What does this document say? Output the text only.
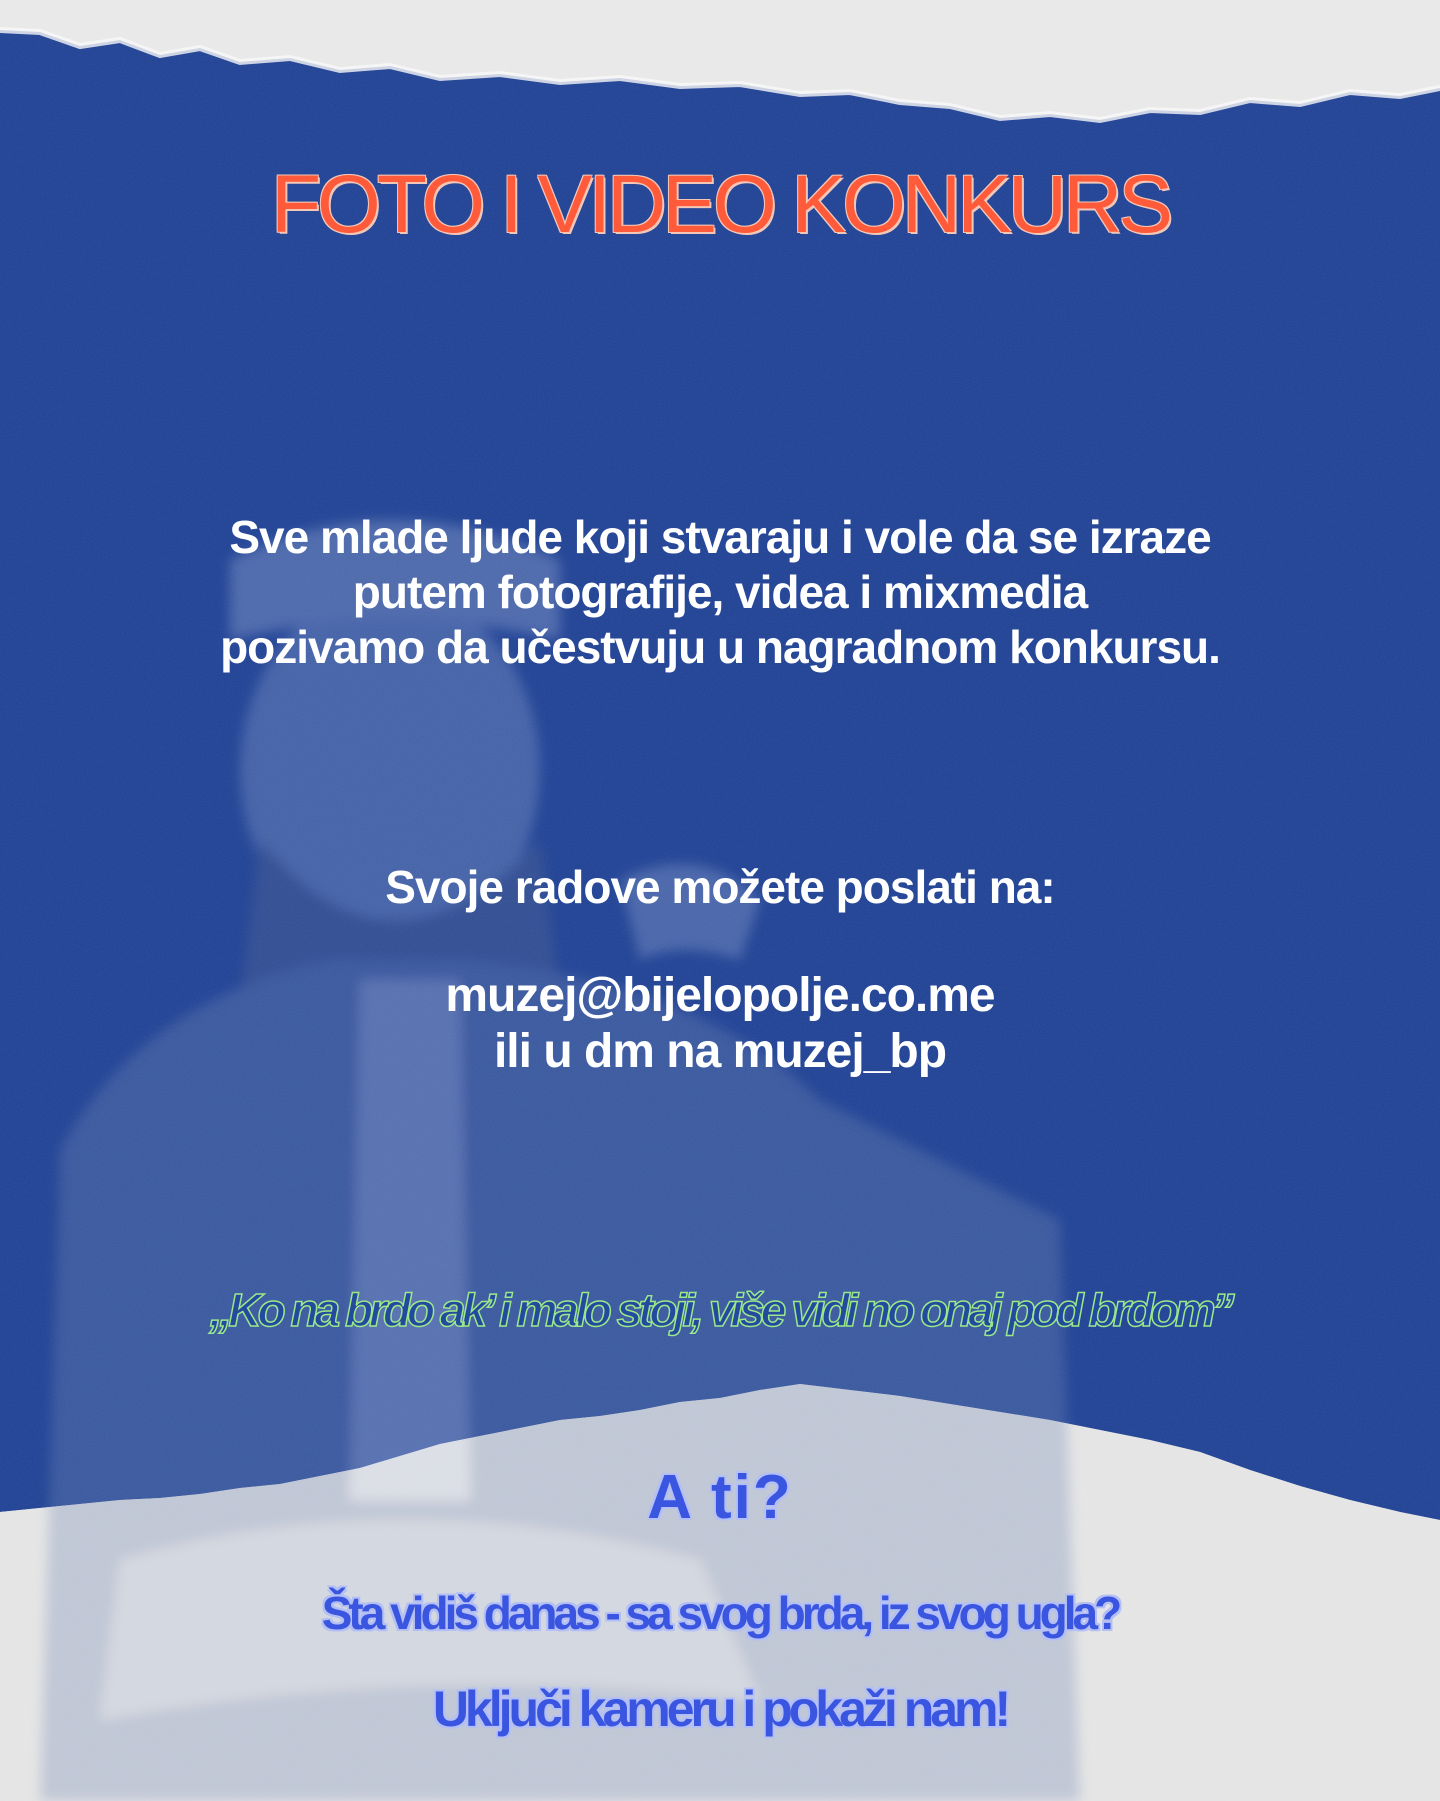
FOTO I VIDEO KONKURS

Sve mlade ljude koji stvaraju i vole da se izraze

putem fotografije, videa i mixmedia

pozivamo da učestvuju u nagradnom konkursu.

Svoje radove možete poslati na:

muzej@bijelopolje.co.me

ili u dm na muzej_bp

„Ko na brdo ak’ i malo stoji, više vidi no onaj pod brdom”

A ti?

Šta vidiš danas - sa svog brda, iz svog ugla?

Uključi kameru i pokaži nam!
